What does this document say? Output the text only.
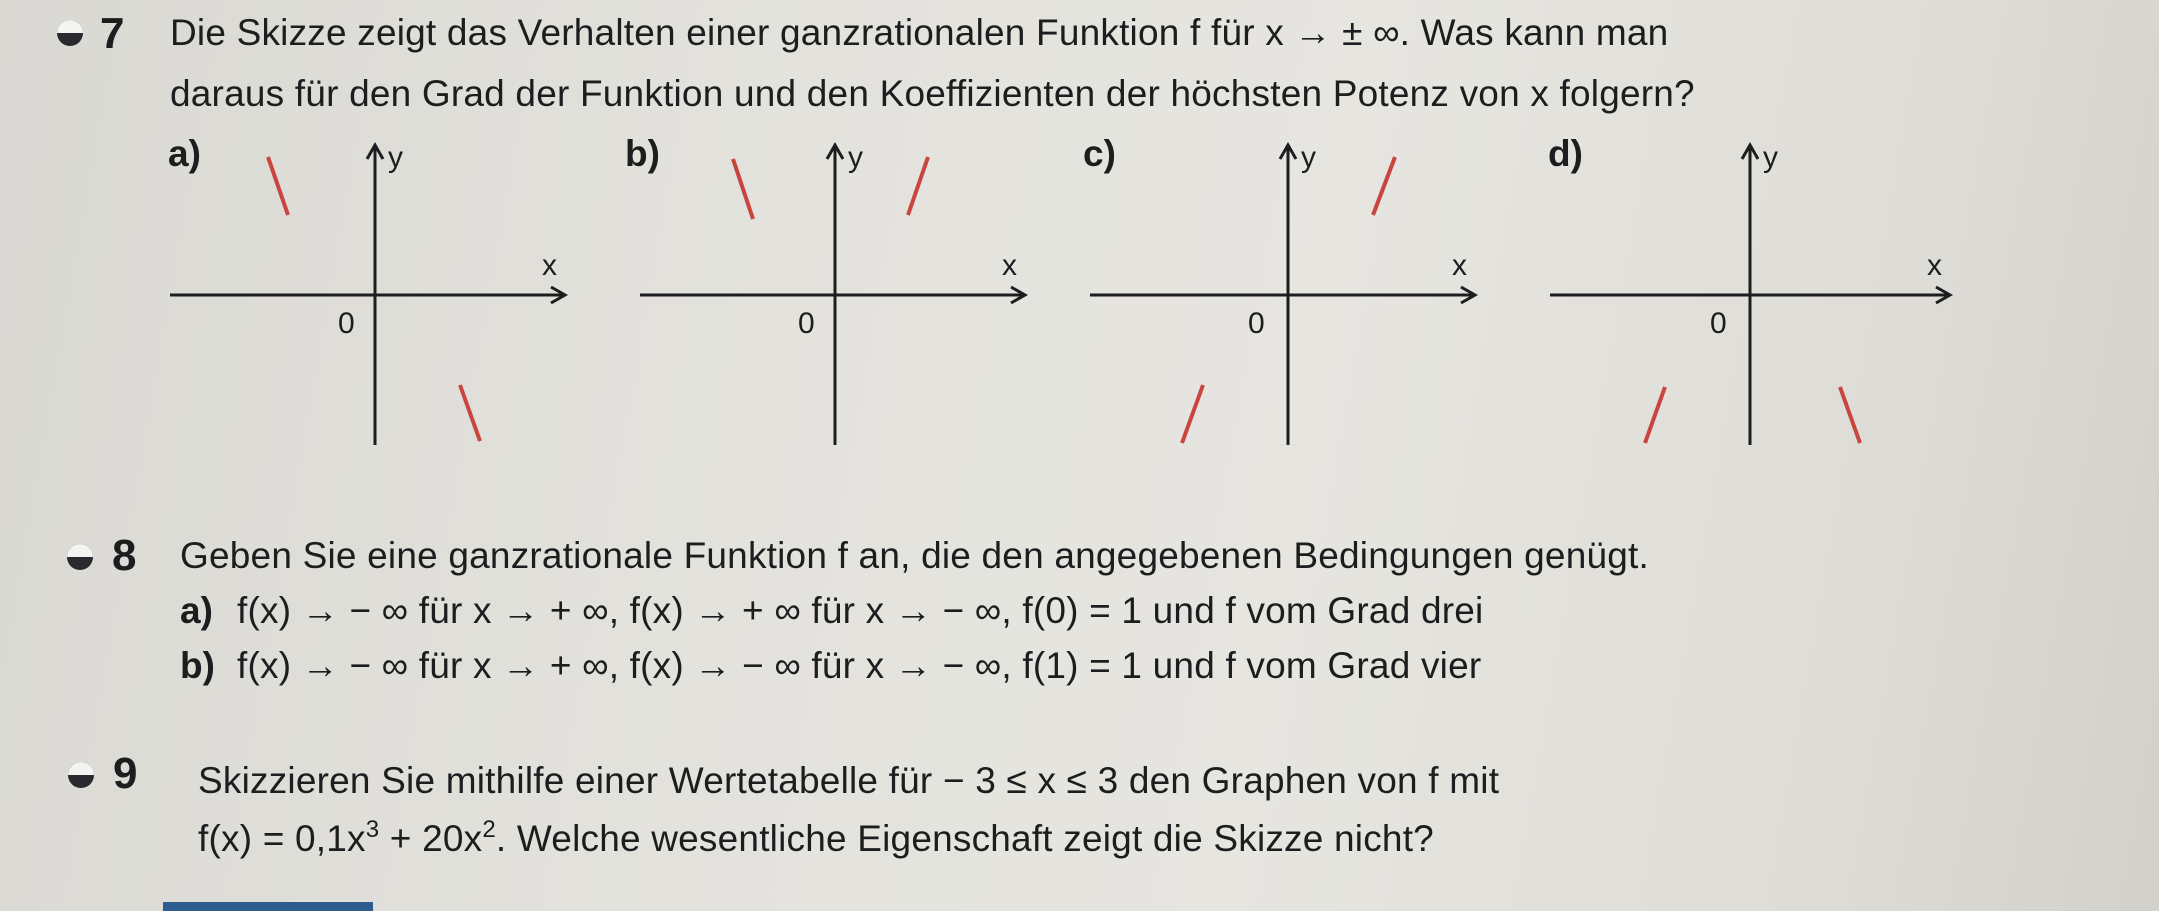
7 Die Skizze zeigt das Verhalten einer ganzrationalen Funktion f für x → ± ∞. Was kann man
daraus für den Grad der Funktion und den Koeffizienten der höchsten Potenz von x folgern?
a)	y
x
0
b)	y
x
0
c)	y
x
0
d)	y
x
0
8 Geben Sie eine ganzrationale Funktion f an, die den angegebenen Bedingungen genügt.
a) f(x) → − ∞ für x → + ∞, f(x) → + ∞ für x → − ∞, f(0) = 1 und f vom Grad drei
b) f(x) → − ∞ für x → + ∞, f(x) → − ∞ für x → − ∞, f(1) = 1 und f vom Grad vier
9 Skizzieren Sie mithilfe einer Wertetabelle für − 3 ≤ x ≤ 3 den Graphen von f mit
$f(x) = 0,1x^3 + 20x^2$. Welche wesentliche Eigenschaft zeigt die Skizze nicht?
